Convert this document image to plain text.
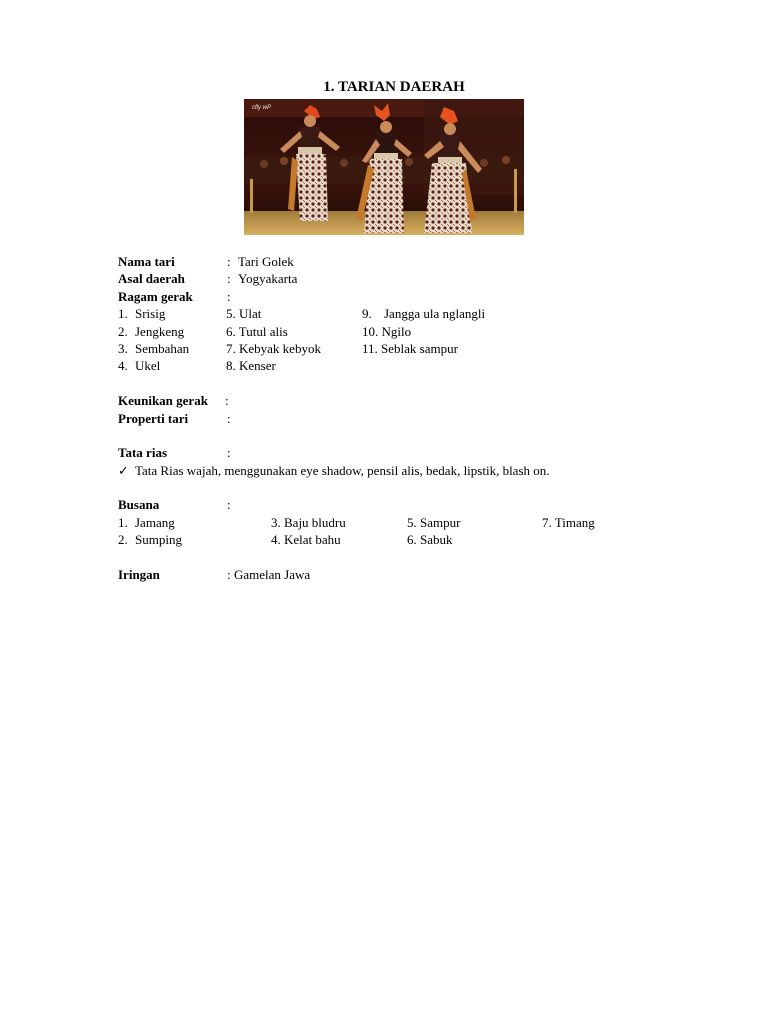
1. TARIAN DAERAH
cfly wP
Nama tari	: Tari Golek
Asal daerah	: Yogyakarta
Ragam gerak	:
1. Srisig	5. Ulat	9. Jangga ula nglangli
2. Jengkeng	6. Tutul alis	10. Ngilo
3. Sembahan	7. Kebyak kebyok	11. Seblak sampur
4. Ukel	8. Kenser
Keunikan gerak :
Properti tari	:
Tata rias	:
✓ Tata Rias wajah, menggunakan eye shadow, pensil alis, bedak, lipstik, blash on.
Busana	:
1. Jamang	3. Baju bludru	5. Sampur	7. Timang
2. Sumping	4. Kelat bahu	6. Sabuk
Iringan	: Gamelan Jawa
